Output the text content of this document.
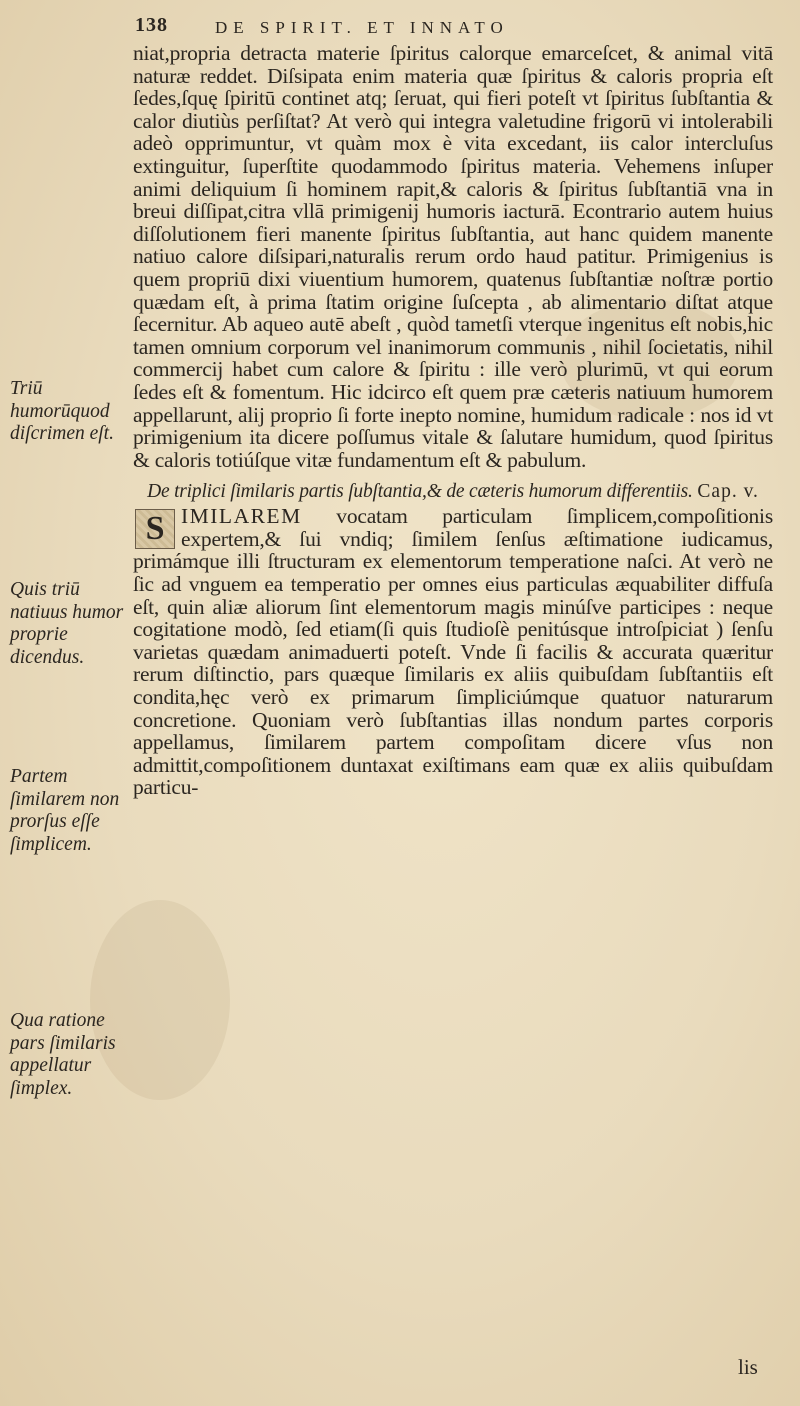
138	DE SPIRIT. ET INNATO
Triū humorūquod diſcrimen eſt.
Quis triū natiuus humor proprie dicendus.
Partem ſimilarem non prorſus eſſe ſimplicem.
Qua ratione pars ſimilaris appellatur ſimplex.

niat,propria detracta materie ſpiritus calorque emarceſcet, & animal vitā naturæ reddet. Diſsipata enim materia quæ ſpiritus & caloris propria eſt ſedes,ſquę ſpiritū continet atq; ſeruat, qui fieri poteſt vt ſpiritus ſubſtantia & calor diutiùs perſiſtat? At verò qui integra valetudine frigorū vi intolerabili adeò opprimuntur, vt quàm mox è vita excedant, iis calor intercluſus extinguitur, ſuperſtite quodammodo ſpiritus materia. Vehemens inſuper animi deliquium ſi hominem rapit,& caloris & ſpiritus ſubſtantiā vna in breui diſſipat,citra vllā primigenij humoris iacturā. Econtrario autem huius diſſolutionem fieri manente ſpiritus ſubſtantia, aut hanc quidem manente natiuo calore diſsipari,naturalis rerum ordo haud patitur. Primigenius is quem propriū dixi viuentium humorem, quatenus ſubſtantiæ noſtræ portio quædam eſt, à prima ſtatim origine ſuſcepta , ab alimentario diſtat atque ſecernitur. Ab aqueo autē abeſt , quòd tametſi vterque ingenitus eſt nobis,hic tamen omnium corporum vel inanimorum communis , nihil ſocietatis, nihil commercij habet cum calore & ſpiritu : ille verò plurimū, vt qui eorum ſedes eſt & fomentum. Hic idcirco eſt quem præ cæteris natiuum humorem appellarunt, alij proprio ſi forte inepto nomine, humidum radicale : nos id vt primigenium ita dicere poſſumus vitale & ſalutare humidum, quod ſpiritus & caloris totiúſque vitæ fundamentum eſt & pabulum.

De triplici ſimilaris partis ſubſtantia,& de cæteris humorum differentiis. Cap. v.

S IMILAREM vocatam particulam ſimplicem,compoſitionis expertem,& ſui vndiq; ſimilem ſenſus æſtimatione iudicamus, primámque illi ſtructuram ex elementorum temperatione naſci. At verò ne ſic ad vnguem ea temperatio per omnes eius particulas æquabiliter diffuſa eſt, quin aliæ aliorum ſint elementorum magis minúſve participes : neque cogitatione modò, ſed etiam(ſi quis ſtudioſè penitúsque introſpiciat ) ſenſu varietas quædam animaduerti poteſt. Vnde ſi facilis & accurata quæritur rerum diſtinctio, pars quæque ſimilaris ex aliis quibuſdam ſubſtantiis eſt condita,hęc verò ex primarum ſimpliciúmque quatuor naturarum concretione. Quoniam verò ſubſtantias illas nondum partes corporis appellamus, ſimilarem partem compoſitam dicere vſus non admittit,compoſitionem duntaxat exiſtimans eam quæ ex aliis quibuſdam particu-

lis
